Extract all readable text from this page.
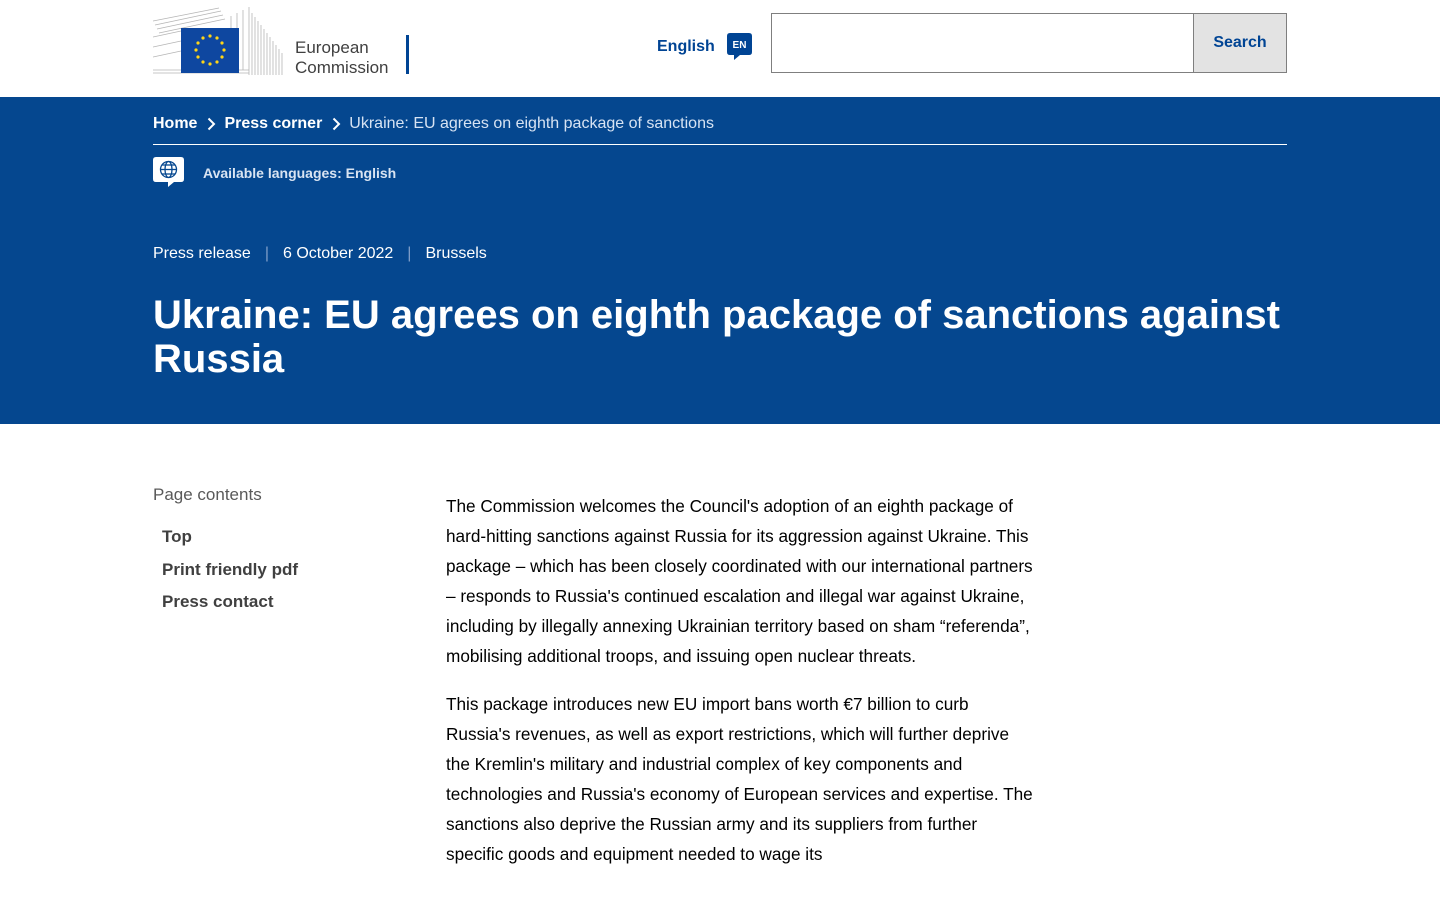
European
Commission
English EN	Search
Home Press corner Ukraine: EU agrees on eighth package of sanctions
Available languages: English
Press release | 6 October 2022 | Brussels
Ukraine: EU agrees on eighth package of sanctions against Russia
Page contents
Top
Print friendly pdf
Press contact

The Commission welcomes the Council's adoption of an eighth package of hard-hitting sanctions against Russia for its aggression against Ukraine. This package – which has been closely coordinated with our international partners – responds to Russia's continued escalation and illegal war against Ukraine, including by illegally annexing Ukrainian territory based on sham “referenda”, mobilising additional troops, and issuing open nuclear threats.

This package introduces new EU import bans worth €7 billion to curb Russia's revenues, as well as export restrictions, which will further deprive the Kremlin's military and industrial complex of key components and technologies and Russia's economy of European services and expertise. The sanctions also deprive the Russian army and its suppliers from further specific goods and equipment needed to wage its
